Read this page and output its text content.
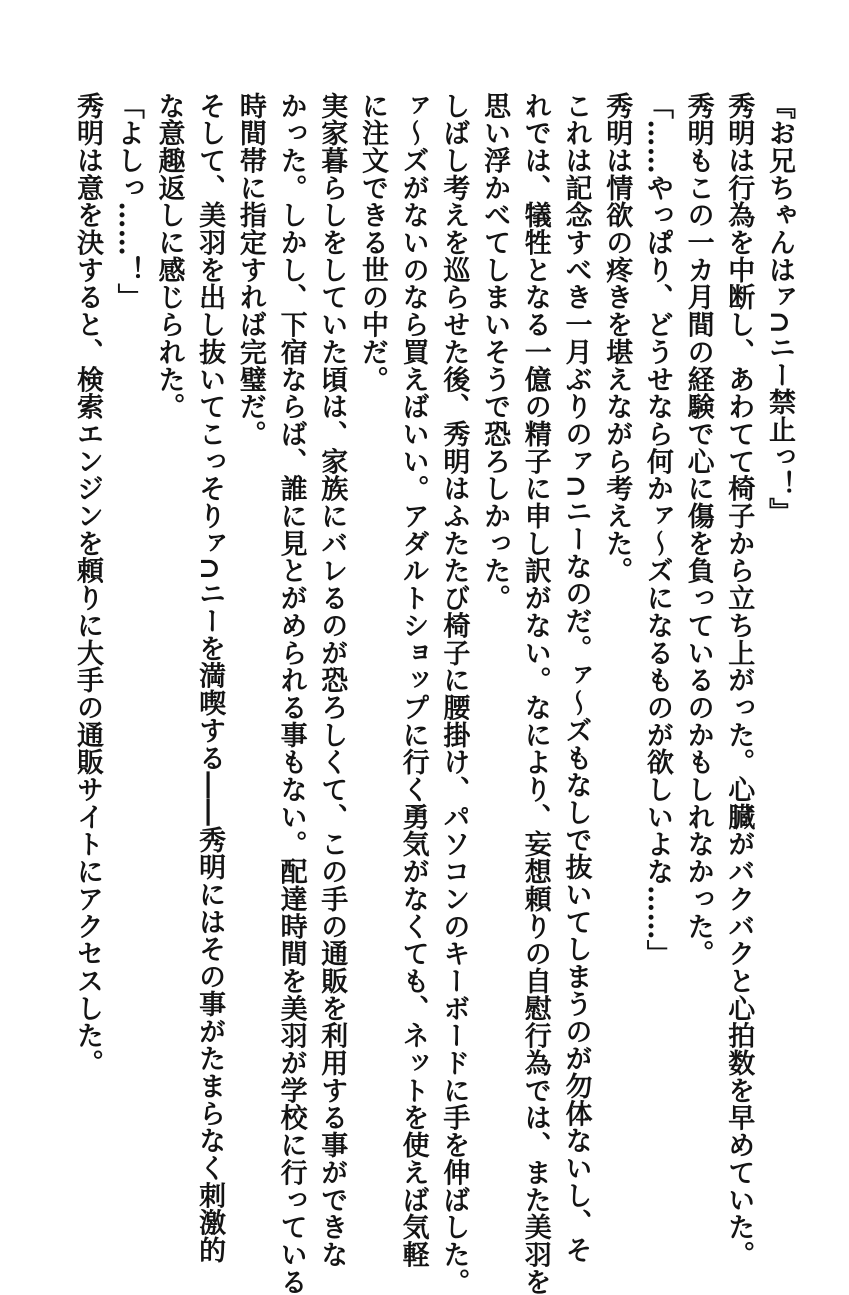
『お兄ちゃんはァ∩ニー禁止っ！』
秀明は行為を中断し、あわてて椅子から立ち上がった。心臓がバクバクと心拍数を早めていた。
秀明もこの一カ月間の経験で心に傷を負っているのかもしれなかった。
「……やっぱり、どうせなら何かァ～ズになるものが欲しいよな……」
秀明は情欲の疼きを堪えながら考えた。
これは記念すべき一月ぶりのァ∩ニーなのだ。ァ～ズもなしで抜いてしまうのが勿体ないし、そ
れでは、犠牲となる一億の精子に申し訳がない。なにより、妄想頼りの自慰行為では、また美羽を
思い浮かべてしまいそうで恐ろしかった。
しばし考えを巡らせた後、秀明はふたたび椅子に腰掛け、パソコンのキーボードに手を伸ばした。
ァ～ズがないのなら買えばいい。アダルトショップに行く勇気がなくても、ネットを使えば気軽
に注文できる世の中だ。
実家暮らしをしていた頃は、家族にバレるのが恐ろしくて、この手の通販を利用する事ができな
かった。しかし、下宿ならば、誰に見とがめられる事もない。配達時間を美羽が学校に行っている
時間帯に指定すれば完璧だ。
そして、美羽を出し抜いてこっそりァ∩ニーを満喫する――秀明にはその事がたまらなく刺激的
な意趣返しに感じられた。
「よしっ……！」
秀明は意を決すると、検索エンジンを頼りに大手の通販サイトにアクセスした。
